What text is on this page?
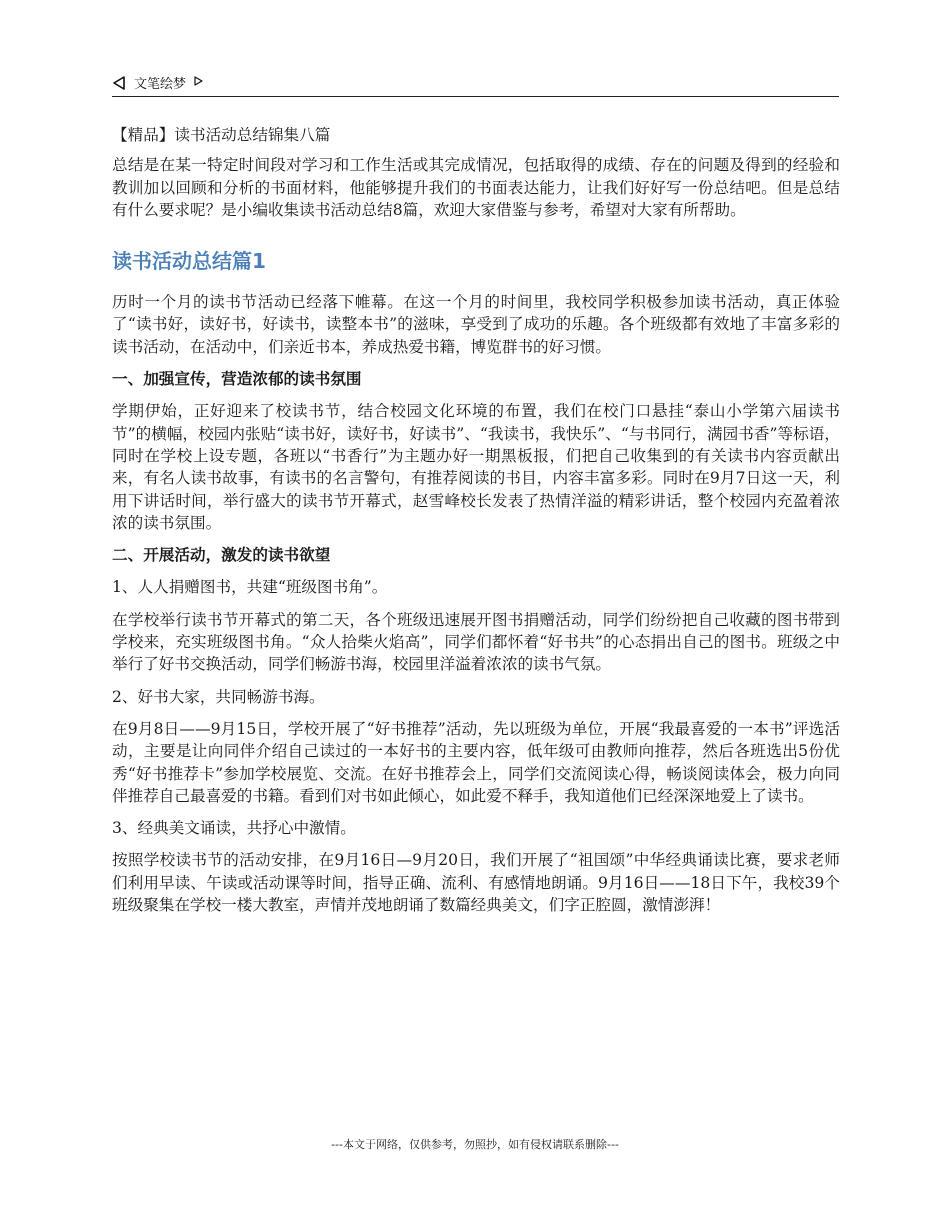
文笔绘梦

【精品】读书活动总结锦集八篇

总结是在某一特定时间段对学习和工作生活或其完成情况，包括取得的成绩、存在的问题及得到的经验和教训加以回顾和分析的书面材料，他能够提升我们的书面表达能力，让我们好好写一份总结吧。但是总结有什么要求呢？是小编收集读书活动总结8篇，欢迎大家借鉴与参考，希望对大家有所帮助。

读书活动总结篇1

历时一个月的读书节活动已经落下帷幕。在这一个月的时间里，我校同学积极参加读书活动，真正体验了“读书好，读好书，好读书，读整本书”的滋味，享受到了成功的乐趣。各个班级都有效地了丰富多彩的读书活动，在活动中，们亲近书本，养成热爱书籍，博览群书的好习惯。

一、加强宣传，营造浓郁的读书氛围

学期伊始，正好迎来了校读书节，结合校园文化环境的布置，我们在校门口悬挂“泰山小学第六届读书节”的横幅，校园内张贴“读书好，读好书，好读书”、“我读书，我快乐”、“与书同行，满园书香”等标语，同时在学校上设专题，各班以“书香行”为主题办好一期黑板报，们把自己收集到的有关读书内容贡献出来，有名人读书故事，有读书的名言警句，有推荐阅读的书目，内容丰富多彩。同时在9月7日这一天，利用下讲话时间，举行盛大的读书节开幕式，赵雪峰校长发表了热情洋溢的精彩讲话，整个校园内充盈着浓浓的读书氛围。

二、开展活动，激发的读书欲望

1、人人捐赠图书，共建“班级图书角”。

在学校举行读书节开幕式的第二天，各个班级迅速展开图书捐赠活动，同学们纷纷把自己收藏的图书带到学校来，充实班级图书角。“众人拾柴火焰高”，同学们都怀着“好书共”的心态捐出自己的图书。班级之中举行了好书交换活动，同学们畅游书海，校园里洋溢着浓浓的读书气氛。

2、好书大家，共同畅游书海。

在9月8日——9月15日，学校开展了“好书推荐”活动，先以班级为单位，开展“我最喜爱的一本书”评选活动，主要是让向同伴介绍自己读过的一本好书的主要内容，低年级可由教师向推荐，然后各班选出5份优秀“好书推荐卡”参加学校展览、交流。在好书推荐会上，同学们交流阅读心得，畅谈阅读体会，极力向同伴推荐自己最喜爱的书籍。看到们对书如此倾心，如此爱不释手，我知道他们已经深深地爱上了读书。

3、经典美文诵读，共抒心中激情。

按照学校读书节的活动安排，在9月16日—9月20日，我们开展了“祖国颂”中华经典诵读比赛，要求老师们利用早读、午读或活动课等时间，指导正确、流利、有感情地朗诵。9月16日——18日下午，我校39个班级聚集在学校一楼大教室，声情并茂地朗诵了数篇经典美文，们字正腔圆，激情澎湃！

---本文于网络，仅供参考，勿照抄，如有侵权请联系删除---
